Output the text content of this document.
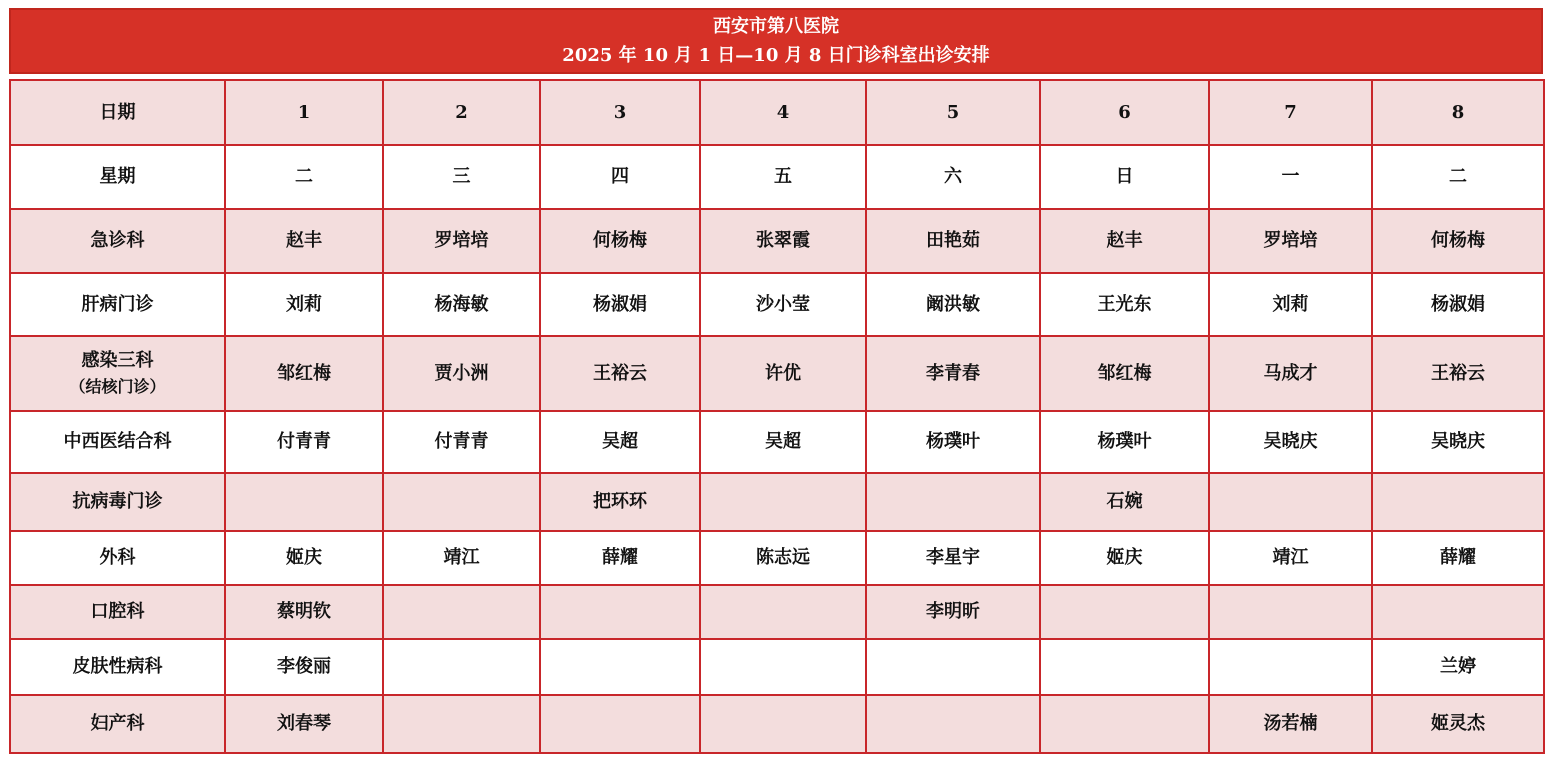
西安市第八医院
2025 年 10 月 1 日—10 月 8 日门诊科室出诊安排
日期	1	2	3	4	5	6	7	8

星期	二	三	四	五	六	日	一	二

急诊科	赵丰	罗培培	何杨梅	张翠霞	田艳茹	赵丰	罗培培	何杨梅

肝病门诊	刘莉	杨海敏	杨淑娟	沙小莹	阚洪敏	王光东	刘莉	杨淑娟

感染三科
（结核门诊）	邹红梅	贾小洲	王裕云	许优	李青春	邹红梅	马成才	王裕云

中西医结合科	付青青	付青青	吴超	吴超	杨璞叶	杨璞叶	吴晓庆	吴晓庆

抗病毒门诊			把环环			石婉		

外科	姬庆	靖江	薛耀	陈志远	李星宇	姬庆	靖江	薛耀

口腔科	蔡明钦				李明昕			

皮肤性病科	李俊丽							兰婷

妇产科	刘春琴						汤若楠	姬灵杰
